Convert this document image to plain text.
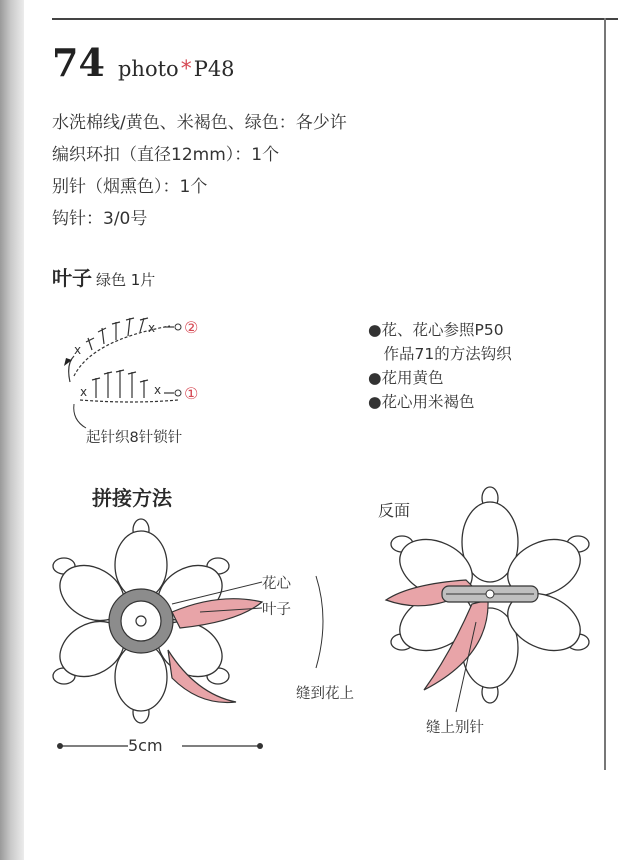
74 photo*P48
水洗棉线/黄色、米褐色、绿色：各少许
编织环扣（直径12mm）：1个
别针（烟熏色）：1个
钩针：3/0号
叶子 绿色 1片
x	x
x
x ②
①
起针织8针锁针
●花、花心参照P50
　作品71的方法钩织
●花用黄色
●花心用米褐色
拼接方法
花心
叶子
缝到花上
5cm
反面
缝上别针
